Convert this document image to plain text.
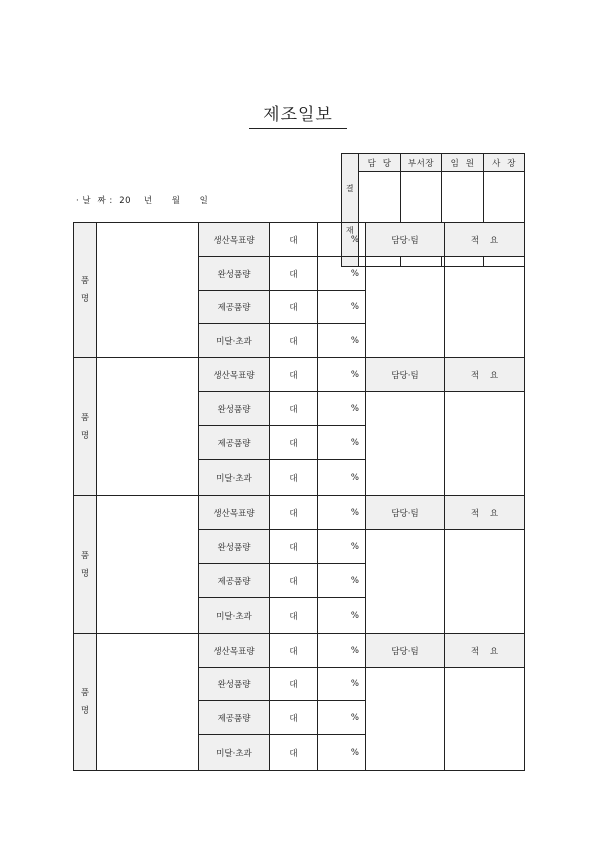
제조일보
· 날  짜 :  20    년      월      일

결

재	담  당	부서장	임  원	사  장

품
명		생산목표량	대	%	담당·팀	적    요
		완성품량	대	%		
		제공품량	대	%		
		미달·초과	대	%		

품
명		생산목표량	대	%	담당·팀	적    요
		완성품량	대	%		
		제공품량	대	%		
		미달·초과	대	%		

품
명		생산목표량	대	%	담당·팀	적    요
		완성품량	대	%		
		제공품량	대	%		
		미달·초과	대	%		

품
명		생산목표량	대	%	담당·팀	적    요
		완성품량	대	%		
		제공품량	대	%		
		미달·초과	대	%		
